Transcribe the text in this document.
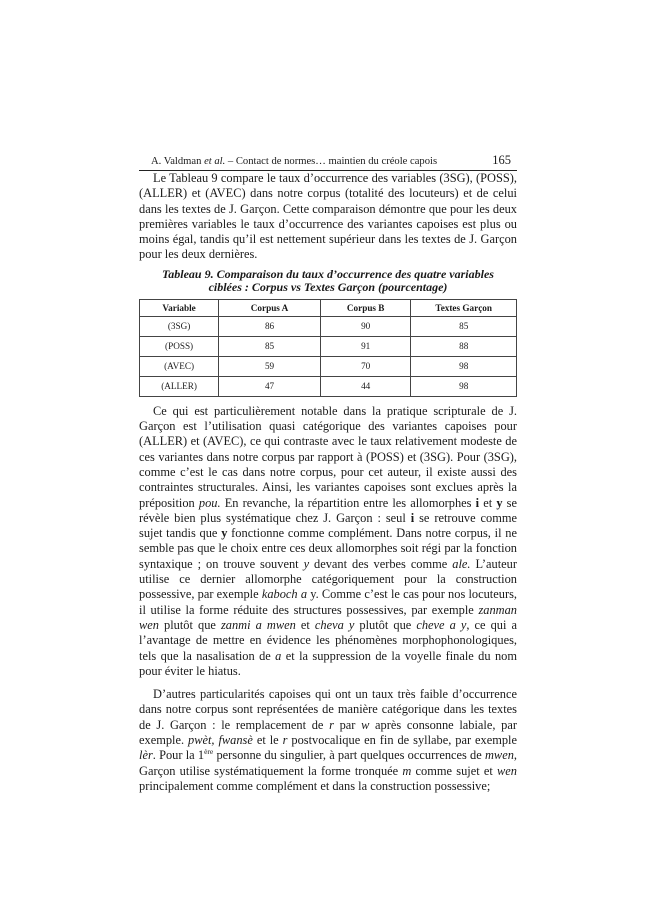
A. Valdman et al. – Contact de normes… maintien du créole capois	165

Le Tableau 9 compare le taux d’occurrence des variables (3SG), (POSS), (ALLER) et (AVEC) dans notre corpus (totalité des locuteurs) et de celui dans les textes de J. Garçon. Cette comparaison démontre que pour les deux premières variables le taux d’occurrence des variantes capoises est plus ou moins égal, tandis qu’il est nettement supérieur dans les textes de J. Garçon pour les deux dernières.

Tableau 9. Comparaison du taux d’occurrence des quatre variables
ciblées : Corpus vs Textes Garçon (pourcentage)
Variable	Corpus A	Corpus B	Textes Garçon
(3SG)	86	90	85
(POSS)	85	91	88
(AVEC)	59	70	98
(ALLER)	47	44	98

Ce qui est particulièrement notable dans la pratique scripturale de J. Garçon est l’utilisation quasi catégorique des variantes capoises pour (ALLER) et (AVEC), ce qui contraste avec le taux relativement modeste de ces variantes dans notre corpus par rapport à (POSS) et (3SG). Pour (3SG), comme c’est le cas dans notre corpus, pour cet auteur, il existe aussi des contraintes structurales. Ainsi, les variantes capoises sont exclues après la préposition pou. En revanche, la répartition entre les allomorphes i et y se révèle bien plus systématique chez J. Garçon : seul i se retrouve comme sujet tandis que y fonctionne comme complément. Dans notre corpus, il ne semble pas que le choix entre ces deux allomorphes soit régi par la fonction syntaxique ; on trouve souvent y devant des verbes comme ale. L’auteur utilise ce dernier allomorphe catégoriquement pour la construction possessive, par exemple kaboch a y. Comme c’est le cas pour nos locuteurs, il utilise la forme réduite des structures possessives, par exemple zanman wen plutôt que zanmi a mwen et cheva y plutôt que cheve a y, ce qui a l’avantage de mettre en évidence les phénomènes morphophonologiques, tels que la nasalisation de a et la suppression de la voyelle finale du nom pour éviter le hiatus.

D’autres particularités capoises qui ont un taux très faible d’occurrence dans notre corpus sont représentées de manière catégorique dans les textes de J. Garçon : le remplacement de r par w après consonne labiale, par exemple. pwèt, fwansè et le r postvocalique en fin de syllabe, par exemple lèr. Pour la 1ère personne du singulier, à part quelques occurrences de mwen, Garçon utilise systématiquement la forme tronquée m comme sujet et wen principalement comme complément et dans la construction possessive;
